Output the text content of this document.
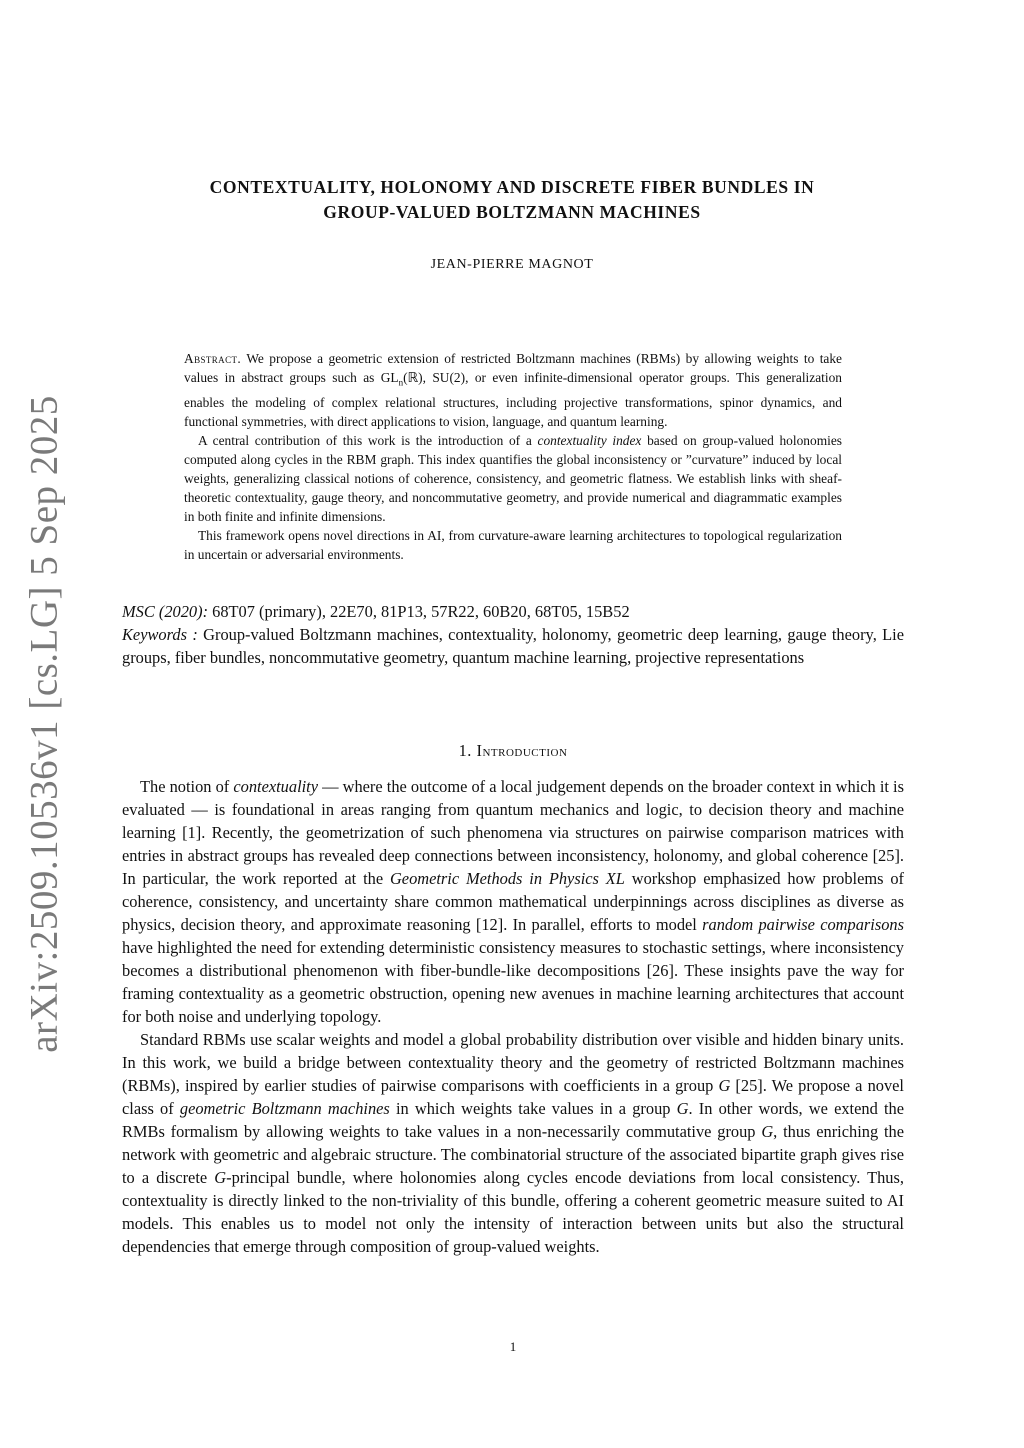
arXiv:2509.10536v1 [cs.LG] 5 Sep 2025
CONTEXTUALITY, HOLONOMY AND DISCRETE FIBER BUNDLES IN
GROUP-VALUED BOLTZMANN MACHINES
JEAN-PIERRE MAGNOT

Abstract. We propose a geometric extension of restricted Boltzmann machines (RBMs) by allowing weights to take values in abstract groups such as $GL_n(ℝ)$, SU(2), or even infinite-dimensional operator groups. This generalization enables the modeling of complex relational structures, including projective transformations, spinor dynamics, and functional symmetries, with direct applications to vision, language, and quantum learning.

A central contribution of this work is the introduction of a contextuality index based on group-valued holonomies computed along cycles in the RBM graph. This index quantifies the global inconsistency or ”curvature” induced by local weights, generalizing classical notions of coherence, consistency, and geometric flatness. We establish links with sheaf-theoretic contextuality, gauge theory, and noncommutative geometry, and provide numerical and diagrammatic examples in both finite and infinite dimensions.

This framework opens novel directions in AI, from curvature-aware learning architectures to topological regularization in uncertain or adversarial environments.

MSC (2020): 68T07 (primary), 22E70, 81P13, 57R22, 60B20, 68T05, 15B52

Keywords : Group-valued Boltzmann machines, contextuality, holonomy, geometric deep learning, gauge theory, Lie groups, fiber bundles, noncommutative geometry, quantum machine learning, projective representations

1. Introduction

The notion of contextuality — where the outcome of a local judgement depends on the broader context in which it is evaluated — is foundational in areas ranging from quantum mechanics and logic, to decision theory and machine learning [1]. Recently, the geometrization of such phenomena via structures on pairwise comparison matrices with entries in abstract groups has revealed deep connections between inconsistency, holonomy, and global coherence [25]. In particular, the work reported at the Geometric Methods in Physics XL workshop emphasized how problems of coherence, consistency, and uncertainty share common mathematical underpinnings across disciplines as diverse as physics, decision theory, and approximate reasoning [12]. In parallel, efforts to model random pairwise comparisons have highlighted the need for extending deterministic consistency measures to stochastic settings, where inconsistency becomes a distributional phenomenon with fiber-bundle-like decompositions [26]. These insights pave the way for framing contextuality as a geometric obstruction, opening new avenues in machine learning architectures that account for both noise and underlying topology.

Standard RBMs use scalar weights and model a global probability distribution over visible and hidden binary units. In this work, we build a bridge between contextuality theory and the geometry of restricted Boltzmann machines (RBMs), inspired by earlier studies of pairwise comparisons with coefficients in a group G [25]. We propose a novel class of geometric Boltzmann machines in which weights take values in a group G. In other words, we extend the RMBs formalism by allowing weights to take values in a non-necessarily commutative group G, thus enriching the network with geometric and algebraic structure. The combinatorial structure of the associated bipartite graph gives rise to a discrete G-principal bundle, where holonomies along cycles encode deviations from local consistency. Thus, contextuality is directly linked to the non-triviality of this bundle, offering a coherent geometric measure suited to AI models. This enables us to model not only the intensity of interaction between units but also the structural dependencies that emerge through composition of group-valued weights.

1
